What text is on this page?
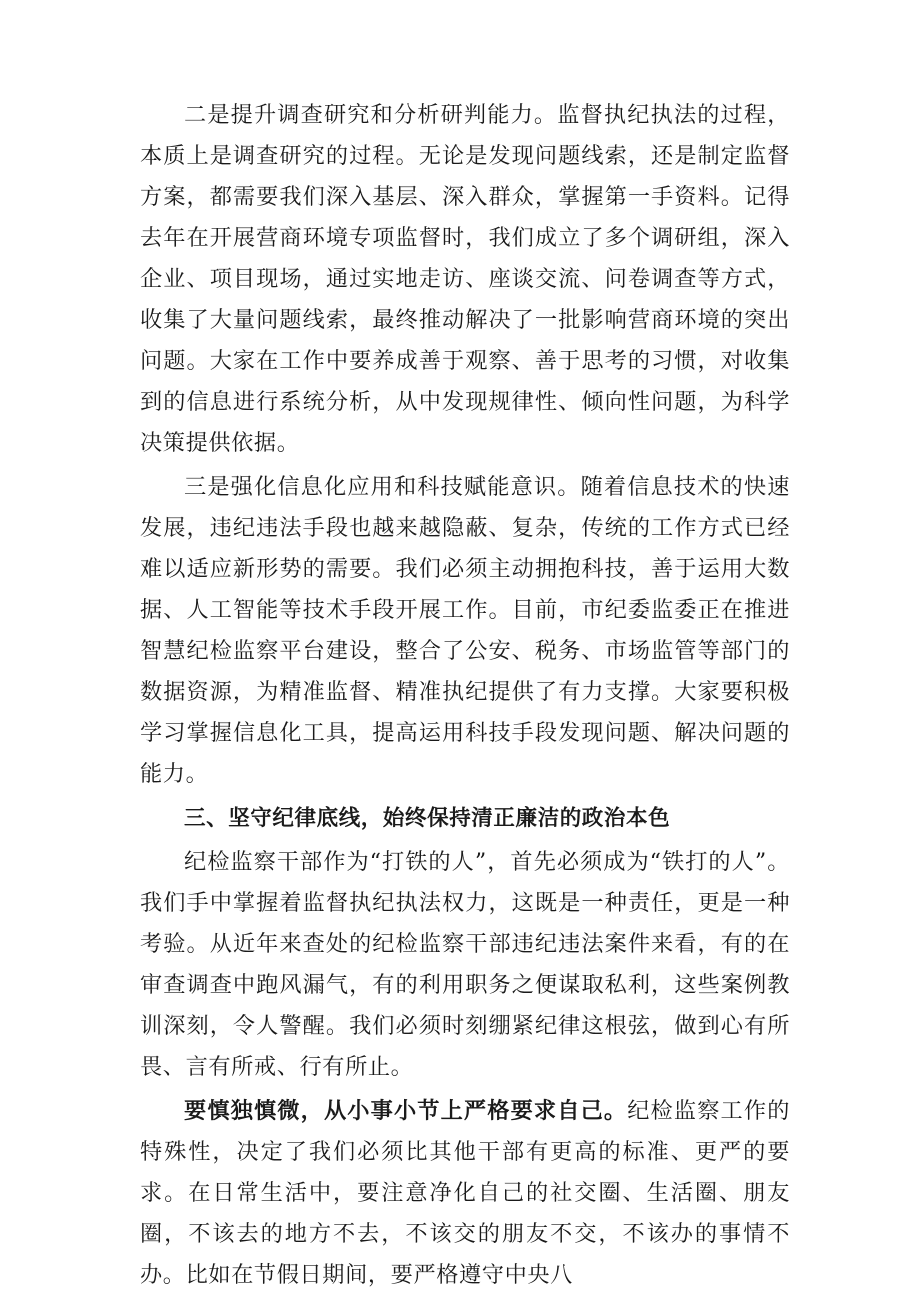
二是提升调查研究和分析研判能力。监督执纪执法的过程，本质上是调查研究的过程。无论是发现问题线索，还是制定监督方案，都需要我们深入基层、深入群众，掌握第一手资料。记得去年在开展营商环境专项监督时，我们成立了多个调研组，深入企业、项目现场，通过实地走访、座谈交流、问卷调查等方式，收集了大量问题线索，最终推动解决了一批影响营商环境的突出问题。大家在工作中要养成善于观察、善于思考的习惯，对收集到的信息进行系统分析，从中发现规律性、倾向性问题，为科学决策提供依据。

三是强化信息化应用和科技赋能意识。随着信息技术的快速发展，违纪违法手段也越来越隐蔽、复杂，传统的工作方式已经难以适应新形势的需要。我们必须主动拥抱科技，善于运用大数据、人工智能等技术手段开展工作。目前，市纪委监委正在推进智慧纪检监察平台建设，整合了公安、税务、市场监管等部门的数据资源，为精准监督、精准执纪提供了有力支撑。大家要积极学习掌握信息化工具，提高运用科技手段发现问题、解决问题的能力。

三、坚守纪律底线，始终保持清正廉洁的政治本色

纪检监察干部作为“打铁的人”，首先必须成为“铁打的人”。我们手中掌握着监督执纪执法权力，这既是一种责任，更是一种考验。从近年来查处的纪检监察干部违纪违法案件来看，有的在审查调查中跑风漏气，有的利用职务之便谋取私利，这些案例教训深刻，令人警醒。我们必须时刻绷紧纪律这根弦，做到心有所畏、言有所戒、行有所止。

要慎独慎微，从小事小节上严格要求自己。纪检监察工作的特殊性，决定了我们必须比其他干部有更高的标准、更严的要求。在日常生活中，要注意净化自己的社交圈、生活圈、朋友圈，不该去的地方不去，不该交的朋友不交，不该办的事情不办。比如在节假日期间，要严格遵守中央八
